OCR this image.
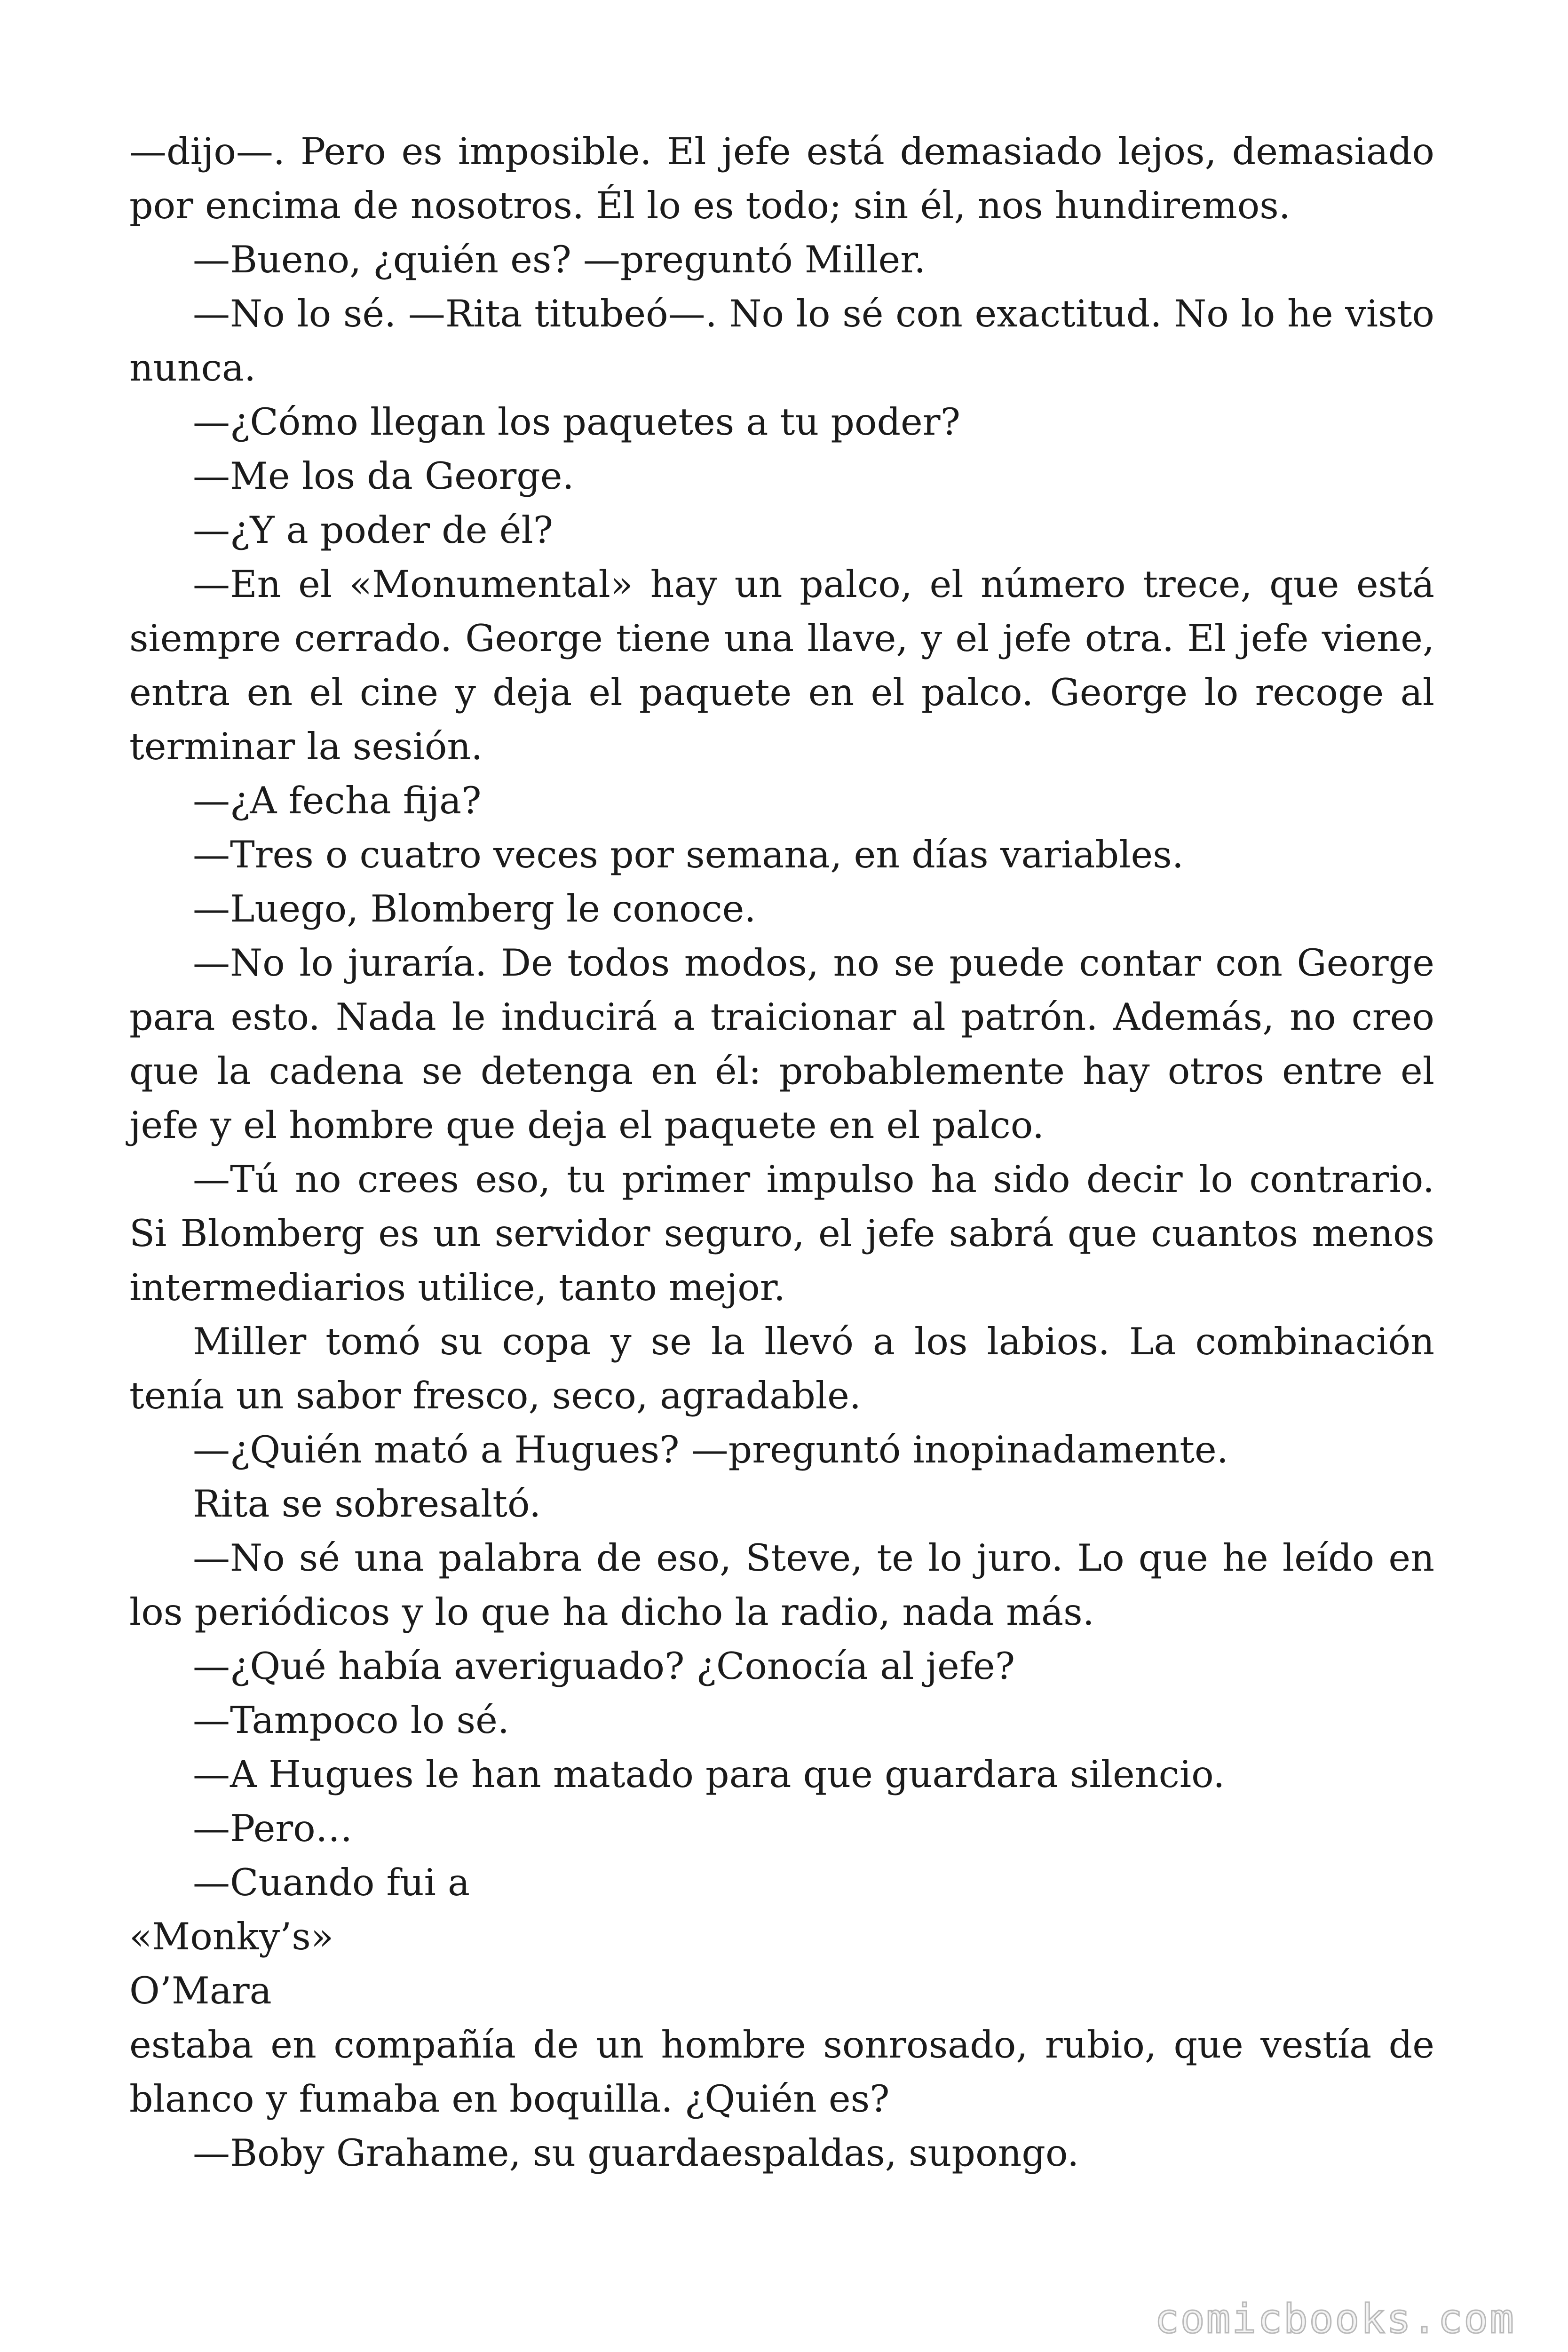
—dijo—. Pero es imposible. El jefe está demasiado lejos, demasiado por encima de nosotros. Él lo es todo; sin él, nos hundiremos.

—Bueno, ¿quién es? —preguntó Miller.

—No lo sé. —Rita titubeó—. No lo sé con exactitud. No lo he visto nunca.

—¿Cómo llegan los paquetes a tu poder?

—Me los da George.

—¿Y a poder de él?

—En el «Monumental» hay un palco, el número trece, que está siempre cerrado. George tiene una llave, y el jefe otra. El jefe viene, entra en el cine y deja el paquete en el palco. George lo recoge al terminar la sesión.

—¿A fecha fija?

—Tres o cuatro veces por semana, en días variables.

—Luego, Blomberg le conoce.

—No lo juraría. De todos modos, no se puede contar con George para esto. Nada le inducirá a traicionar al patrón. Además, no creo que la cadena se detenga en él: probablemente hay otros entre el jefe y el hombre que deja el paquete en el palco.

—Tú no crees eso, tu primer impulso ha sido decir lo contrario. Si Blomberg es un servidor seguro, el jefe sabrá que cuantos menos intermediarios utilice, tanto mejor.

Miller tomó su copa y se la llevó a los labios. La combinación tenía un sabor fresco, seco, agradable.

—¿Quién mató a Hugues? —preguntó inopinadamente.

Rita se sobresaltó.

—No sé una palabra de eso, Steve, te lo juro. Lo que he leído en los periódicos y lo que ha dicho la radio, nada más.

—¿Qué había averiguado? ¿Conocía al jefe?

—Tampoco lo sé.

—A Hugues le han matado para que guardara silencio.

—Pero…

—Cuando fui a

«Monky’s»

O’Mara

estaba en compañía de un hombre sonrosado, rubio, que vestía de blanco y fumaba en boquilla. ¿Quién es?

—Boby Grahame, su guardaespaldas, supongo.

comicbooks.com
